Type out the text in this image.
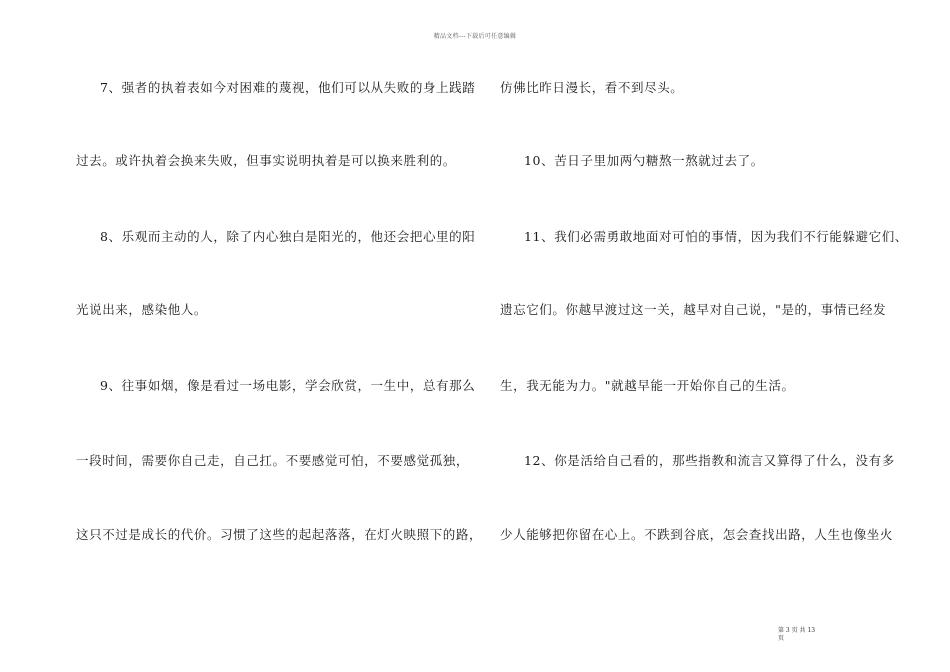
精品文档---下载后可任意编辑
7、强者的执着表如今对困难的蔑视，他们可以从失败的身上践踏
过去。或许执着会换来失败，但事实说明执着是可以换来胜利的。
8、乐观而主动的人，除了内心独白是阳光的，他还会把心里的阳
光说出来，感染他人。
9、往事如烟，像是看过一场电影，学会欣赏，一生中，总有那么
一段时间，需要你自己走，自己扛。不要感觉可怕，不要感觉孤独，
这只不过是成长的代价。习惯了这些的起起落落，在灯火映照下的路，
仿佛比昨日漫长，看不到尽头。
10、苦日子里加两勺糖熬一熬就过去了。
11、我们必需勇敢地面对可怕的事情，因为我们不行能躲避它们、
遗忘它们。你越早渡过这一关，越早对自己说，"是的，事情已经发
生，我无能为力。"就越早能一开始你自己的生活。
12、你是活给自己看的，那些指教和流言又算得了什么，没有多
少人能够把你留在心上。不跌到谷底，怎会查找出路，人生也像坐火
第 3 页 共 13
页
